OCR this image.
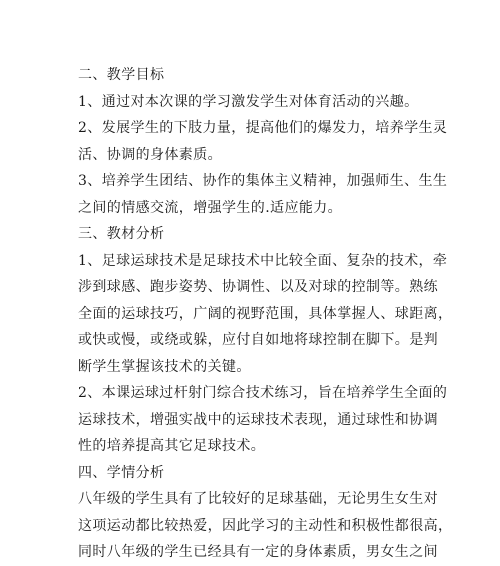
二、教学目标
1、通过对本次课的学习激发学生对体育活动的兴趣。
2、发展学生的下肢力量，提高他们的爆发力，培养学生灵
活、协调的身体素质。
3、培养学生团结、协作的集体主义精神，加强师生、生生
之间的情感交流，增强学生的.适应能力。
三、教材分析
1、足球运球技术是足球技术中比较全面、复杂的技术，牵
涉到球感、跑步姿势、协调性、以及对球的控制等。熟练
全面的运球技巧，广阔的视野范围，具体掌握人、球距离，
或快或慢，或绕或躲，应付自如地将球控制在脚下。是判
断学生掌握该技术的关键。
2、本课运球过杆射门综合技术练习，旨在培养学生全面的
运球技术，增强实战中的运球技术表现，通过球性和协调
性的培养提高其它足球技术。
四、学情分析
八年级的学生具有了比较好的足球基础，无论男生女生对
这项运动都比较热爱，因此学习的主动性和积极性都很高，
同时八年级的学生已经具有一定的身体素质，男女生之间
